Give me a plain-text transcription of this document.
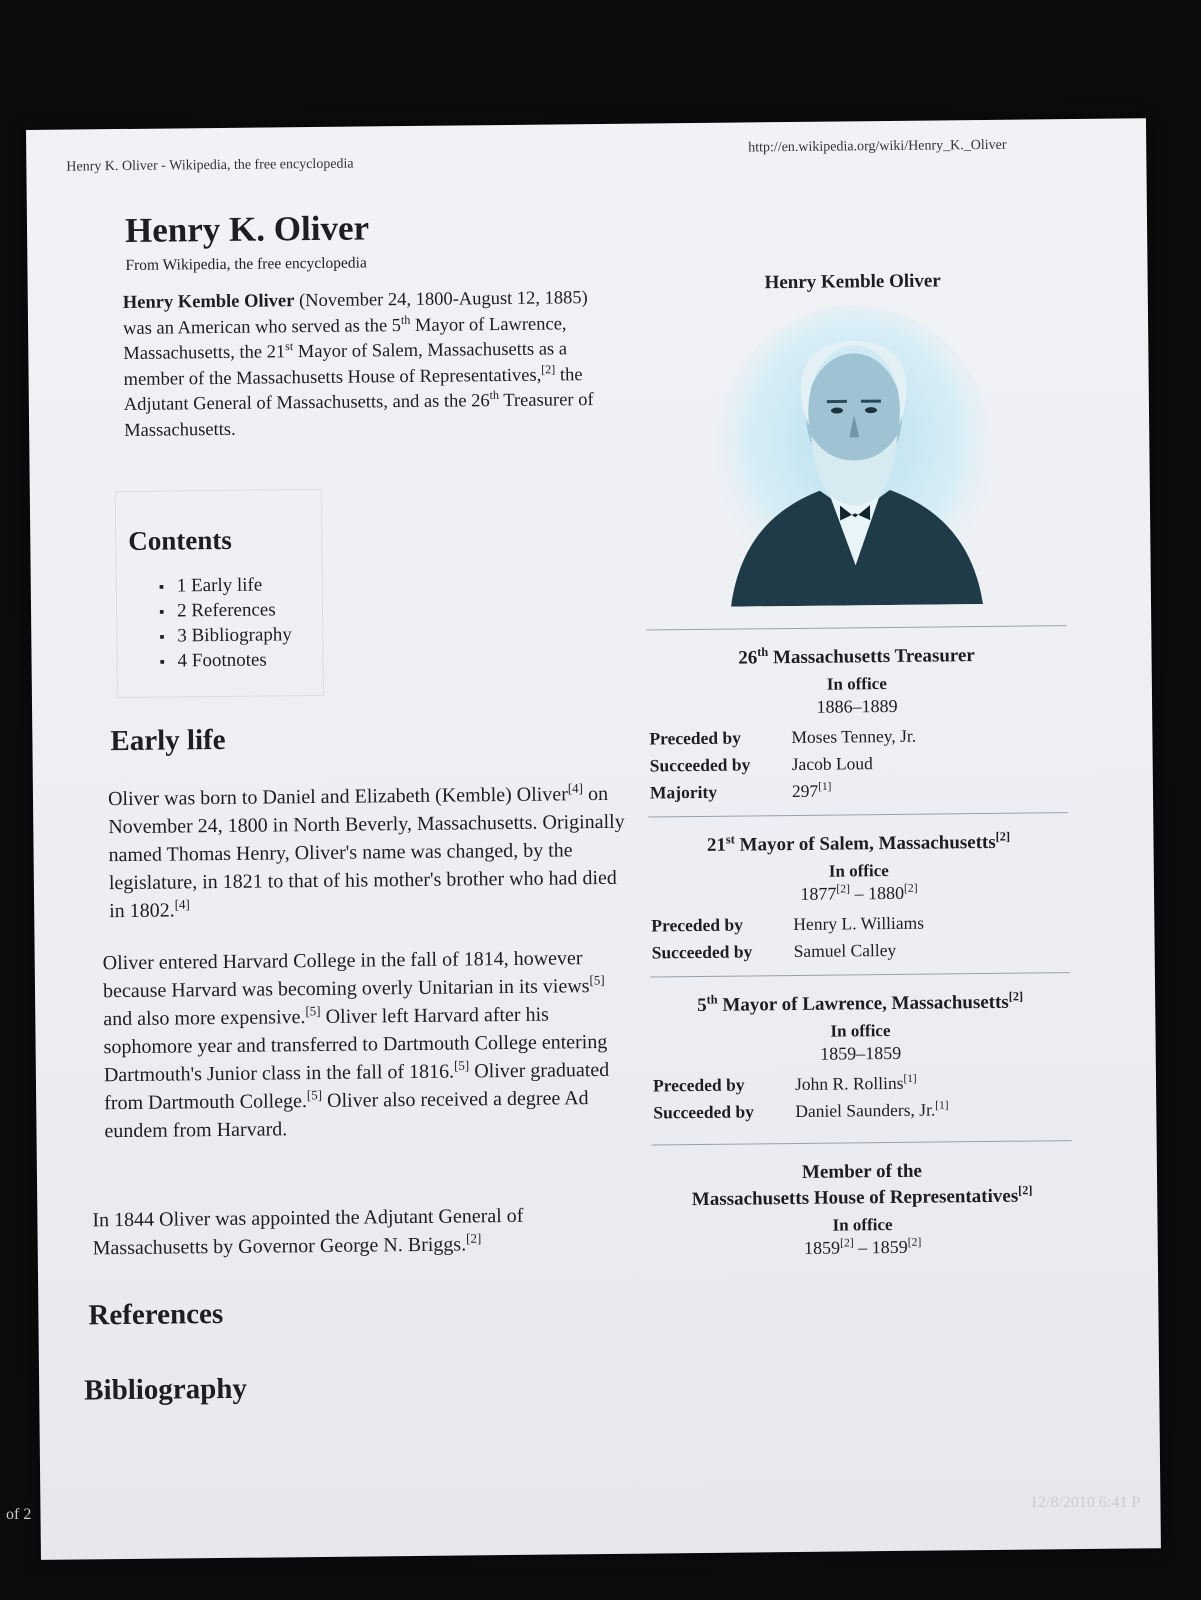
Henry K. Oliver - Wikipedia, the free encyclopedia
http://en.wikipedia.org/wiki/Henry_K._Oliver
Henry K. Oliver
From Wikipedia, the free encyclopedia
Henry Kemble Oliver (November 24, 1800-August 12, 1885) was an American who served as the 5th Mayor of Lawrence, Massachusetts, the 21st Mayor of Salem, Massachusetts as a member of the Massachusetts House of Representatives,[2] the Adjutant General of Massachusetts, and as the 26th Treasurer of Massachusetts.
Contents
▪ 1 Early life
▪ 2 References
▪ 3 Bibliography
▪ 4 Footnotes
Early life
Oliver was born to Daniel and Elizabeth (Kemble) Oliver[4] on November 24, 1800 in North Beverly, Massachusetts. Originally named Thomas Henry, Oliver's name was changed, by the legislature, in 1821 to that of his mother's brother who had died in 1802.[4]
Oliver entered Harvard College in the fall of 1814, however because Harvard was becoming overly Unitarian in its views[5] and also more expensive.[5] Oliver left Harvard after his sophomore year and transferred to Dartmouth College entering Dartmouth's Junior class in the fall of 1816.[5] Oliver graduated from Dartmouth College.[5] Oliver also received a degree Ad eundem from Harvard.
In 1844 Oliver was appointed the Adjutant General of Massachusetts by Governor George N. Briggs.[2]
References
Bibliography
Henry Kemble Oliver
26th Massachusetts Treasurer
In office
1886–1889
Preceded by	Moses Tenney, Jr.
Succeeded by	Jacob Loud
Majority	297[1]
21st Mayor of Salem, Massachusetts[2]
In office
1877[2] – 1880[2]
Preceded by	Henry L. Williams
Succeeded by	Samuel Calley
5th Mayor of Lawrence, Massachusetts[2]
In office
1859–1859
Preceded by	John R. Rollins[1]
Succeeded by	Daniel Saunders, Jr.[1]
Member of the
Massachusetts House of Representatives[2]
In office
1859[2] – 1859[2]
of 2
12/8/2010 6:41 P
